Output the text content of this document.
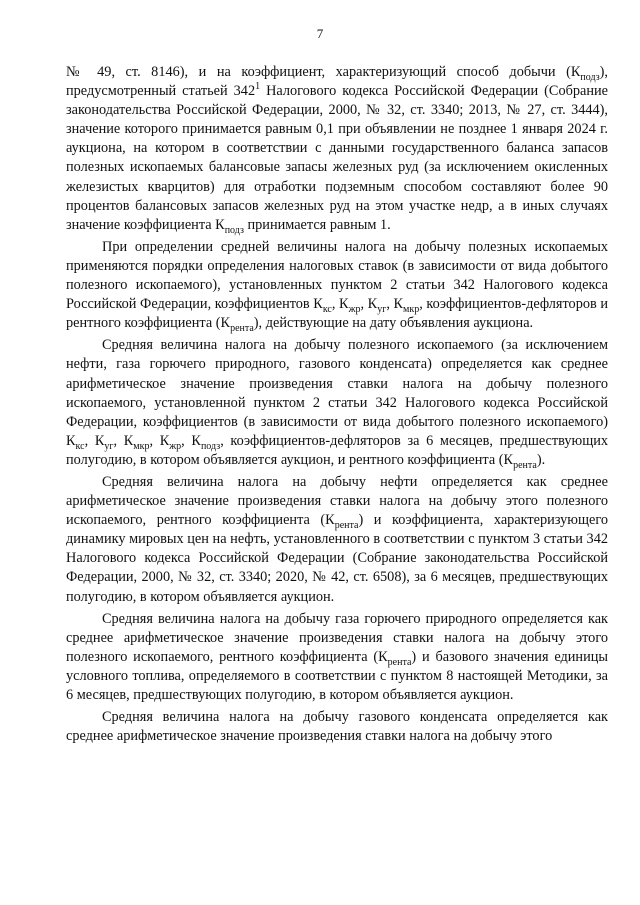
7

№ 49, ст. 8146), и на коэффициент, характеризующий способ добычи $(К_{подз})$, предусмотренный статьей $342^1$ Налогового кодекса Российской Федерации (Собрание законодательства Российской Федерации, 2000, № 32, ст. 3340; 2013, № 27, ст. 3444), значение которого принимается равным 0,1 при объявлении не позднее 1 января 2024 г. аукциона, на котором в соответствии с данными государственного баланса запасов полезных ископаемых балансовые запасы железных руд (за исключением окисленных железистых кварцитов) для отработки подземным способом составляют более 90 процентов балансовых запасов железных руд на этом участке недр, а в иных случаях значение коэффициента $К_{подз}$ принимается равным 1.

При определении средней величины налога на добычу полезных ископаемых применяются порядки определения налоговых ставок (в зависимости от вида добытого полезного ископаемого), установленных пунктом 2 статьи 342 Налогового кодекса Российской Федерации, коэффициентов $К_{кс}$, $К_{жр}$, $К_{уг}$, $К_{мкр}$, коэффициентов-дефляторов и рентного коэффициента $(К_{рента})$, действующие на дату объявления аукциона.

Средняя величина налога на добычу полезного ископаемого (за исключением нефти, газа горючего природного, газового конденсата) определяется как среднее арифметическое значение произведения ставки налога на добычу полезного ископаемого, установленной пунктом 2 статьи 342 Налогового кодекса Российской Федерации, коэффициентов (в зависимости от вида добытого полезного ископаемого) $К_{кс}$, $К_{уг}$, $К_{мкр}$, $К_{жр}$, $К_{подз}$, коэффициентов-дефляторов за 6 месяцев, предшествующих полугодию, в котором объявляется аукцион, и рентного коэффициента $(К_{рента})$.

Средняя величина налога на добычу нефти определяется как среднее арифметическое значение произведения ставки налога на добычу этого полезного ископаемого, рентного коэффициента $(К_{рента})$ и коэффициента, характеризующего динамику мировых цен на нефть, установленного в соответствии с пунктом 3 статьи 342 Налогового кодекса Российской Федерации (Собрание законодательства Российской Федерации, 2000, № 32, ст. 3340; 2020, № 42, ст. 6508), за 6 месяцев, предшествующих полугодию, в котором объявляется аукцион.

Средняя величина налога на добычу газа горючего природного определяется как среднее арифметическое значение произведения ставки налога на добычу этого полезного ископаемого, рентного коэффициента $(К_{рента})$ и базового значения единицы условного топлива, определяемого в соответствии с пунктом 8 настоящей Методики, за 6 месяцев, предшествующих полугодию, в котором объявляется аукцион.

Средняя величина налога на добычу газового конденсата определяется как среднее арифметическое значение произведения ставки налога на добычу этого
